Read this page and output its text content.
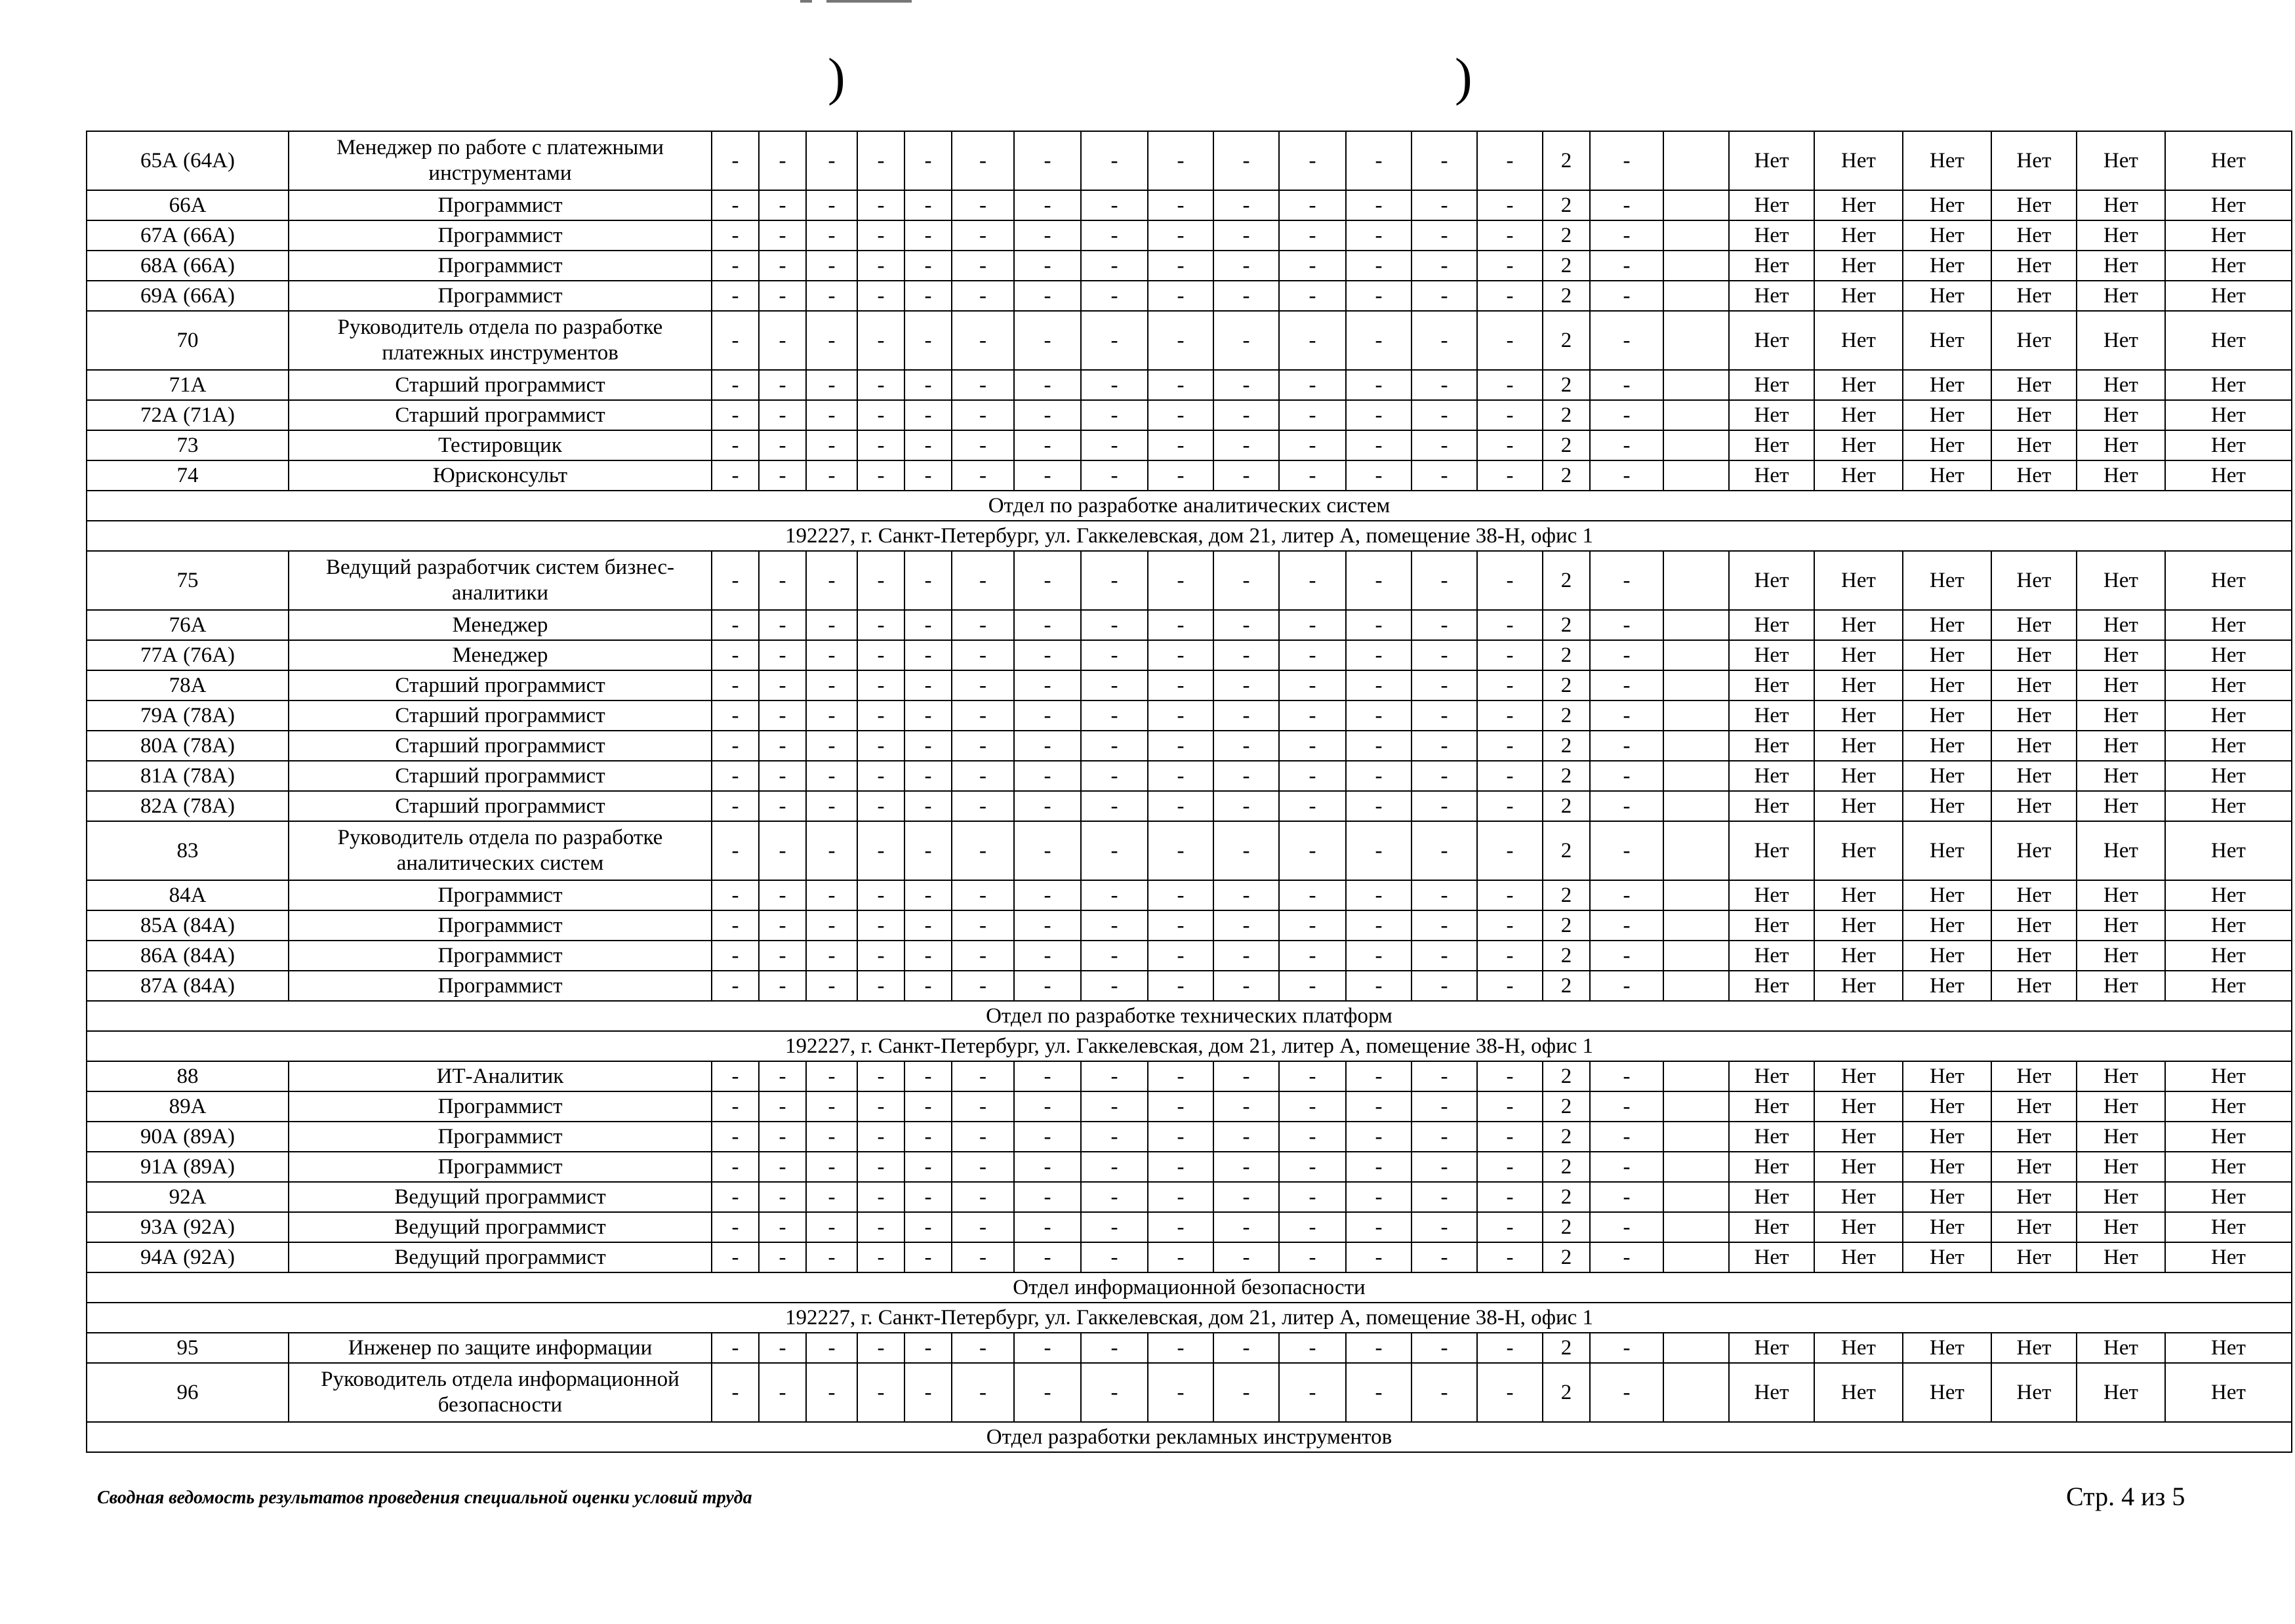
)	)
65А (64А)	Менеджер по работе с платежными инструментами	-	-	-	-	-	-	-	-	-	-	-	-	-	-	2	-		Нет	Нет	Нет	Нет	Нет	Нет
66А	Программист	-	-	-	-	-	-	-	-	-	-	-	-	-	-	2	-		Нет	Нет	Нет	Нет	Нет	Нет
67А (66А)	Программист	-	-	-	-	-	-	-	-	-	-	-	-	-	-	2	-		Нет	Нет	Нет	Нет	Нет	Нет
68А (66А)	Программист	-	-	-	-	-	-	-	-	-	-	-	-	-	-	2	-		Нет	Нет	Нет	Нет	Нет	Нет
69А (66А)	Программист	-	-	-	-	-	-	-	-	-	-	-	-	-	-	2	-		Нет	Нет	Нет	Нет	Нет	Нет
70	Руководитель отдела по разработке платежных инструментов	-	-	-	-	-	-	-	-	-	-	-	-	-	-	2	-		Нет	Нет	Нет	Нет	Нет	Нет
71А	Старший программист	-	-	-	-	-	-	-	-	-	-	-	-	-	-	2	-		Нет	Нет	Нет	Нет	Нет	Нет
72А (71А)	Старший программист	-	-	-	-	-	-	-	-	-	-	-	-	-	-	2	-		Нет	Нет	Нет	Нет	Нет	Нет
73	Тестировщик	-	-	-	-	-	-	-	-	-	-	-	-	-	-	2	-		Нет	Нет	Нет	Нет	Нет	Нет
74	Юрисконсульт	-	-	-	-	-	-	-	-	-	-	-	-	-	-	2	-		Нет	Нет	Нет	Нет	Нет	Нет
Отдел по разработке аналитических систем																								
192227, г. Санкт-Петербург, ул. Гаккелевская, дом 21, литер А, помещение 38-Н, офис 1																								
75	Ведущий разработчик систем бизнес-аналитики	-	-	-	-	-	-	-	-	-	-	-	-	-	-	2	-		Нет	Нет	Нет	Нет	Нет	Нет
76А	Менеджер	-	-	-	-	-	-	-	-	-	-	-	-	-	-	2	-		Нет	Нет	Нет	Нет	Нет	Нет
77А (76А)	Менеджер	-	-	-	-	-	-	-	-	-	-	-	-	-	-	2	-		Нет	Нет	Нет	Нет	Нет	Нет
78А	Старший программист	-	-	-	-	-	-	-	-	-	-	-	-	-	-	2	-		Нет	Нет	Нет	Нет	Нет	Нет
79А (78А)	Старший программист	-	-	-	-	-	-	-	-	-	-	-	-	-	-	2	-		Нет	Нет	Нет	Нет	Нет	Нет
80А (78А)	Старший программист	-	-	-	-	-	-	-	-	-	-	-	-	-	-	2	-		Нет	Нет	Нет	Нет	Нет	Нет
81А (78А)	Старший программист	-	-	-	-	-	-	-	-	-	-	-	-	-	-	2	-		Нет	Нет	Нет	Нет	Нет	Нет
82А (78А)	Старший программист	-	-	-	-	-	-	-	-	-	-	-	-	-	-	2	-		Нет	Нет	Нет	Нет	Нет	Нет
83	Руководитель отдела по разработке аналитических систем	-	-	-	-	-	-	-	-	-	-	-	-	-	-	2	-		Нет	Нет	Нет	Нет	Нет	Нет
84А	Программист	-	-	-	-	-	-	-	-	-	-	-	-	-	-	2	-		Нет	Нет	Нет	Нет	Нет	Нет
85А (84А)	Программист	-	-	-	-	-	-	-	-	-	-	-	-	-	-	2	-		Нет	Нет	Нет	Нет	Нет	Нет
86А (84А)	Программист	-	-	-	-	-	-	-	-	-	-	-	-	-	-	2	-		Нет	Нет	Нет	Нет	Нет	Нет
87А (84А)	Программист	-	-	-	-	-	-	-	-	-	-	-	-	-	-	2	-		Нет	Нет	Нет	Нет	Нет	Нет
Отдел по разработке технических платформ																								
192227, г. Санкт-Петербург, ул. Гаккелевская, дом 21, литер А, помещение 38-Н, офис 1																								
88	ИТ-Аналитик	-	-	-	-	-	-	-	-	-	-	-	-	-	-	2	-		Нет	Нет	Нет	Нет	Нет	Нет
89А	Программист	-	-	-	-	-	-	-	-	-	-	-	-	-	-	2	-		Нет	Нет	Нет	Нет	Нет	Нет
90А (89А)	Программист	-	-	-	-	-	-	-	-	-	-	-	-	-	-	2	-		Нет	Нет	Нет	Нет	Нет	Нет
91А (89А)	Программист	-	-	-	-	-	-	-	-	-	-	-	-	-	-	2	-		Нет	Нет	Нет	Нет	Нет	Нет
92А	Ведущий программист	-	-	-	-	-	-	-	-	-	-	-	-	-	-	2	-		Нет	Нет	Нет	Нет	Нет	Нет
93А (92А)	Ведущий программист	-	-	-	-	-	-	-	-	-	-	-	-	-	-	2	-		Нет	Нет	Нет	Нет	Нет	Нет
94А (92А)	Ведущий программист	-	-	-	-	-	-	-	-	-	-	-	-	-	-	2	-		Нет	Нет	Нет	Нет	Нет	Нет
Отдел информационной безопасности																								
192227, г. Санкт-Петербург, ул. Гаккелевская, дом 21, литер А, помещение 38-Н, офис 1																								
95	Инженер по защите информации	-	-	-	-	-	-	-	-	-	-	-	-	-	-	2	-		Нет	Нет	Нет	Нет	Нет	Нет
96	Руководитель отдела информационной безопасности	-	-	-	-	-	-	-	-	-	-	-	-	-	-	2	-		Нет	Нет	Нет	Нет	Нет	Нет
Отдел разработки рекламных инструментов																								
Сводная ведомость результатов проведения специальной оценки условий труда	Стр. 4 из 5
